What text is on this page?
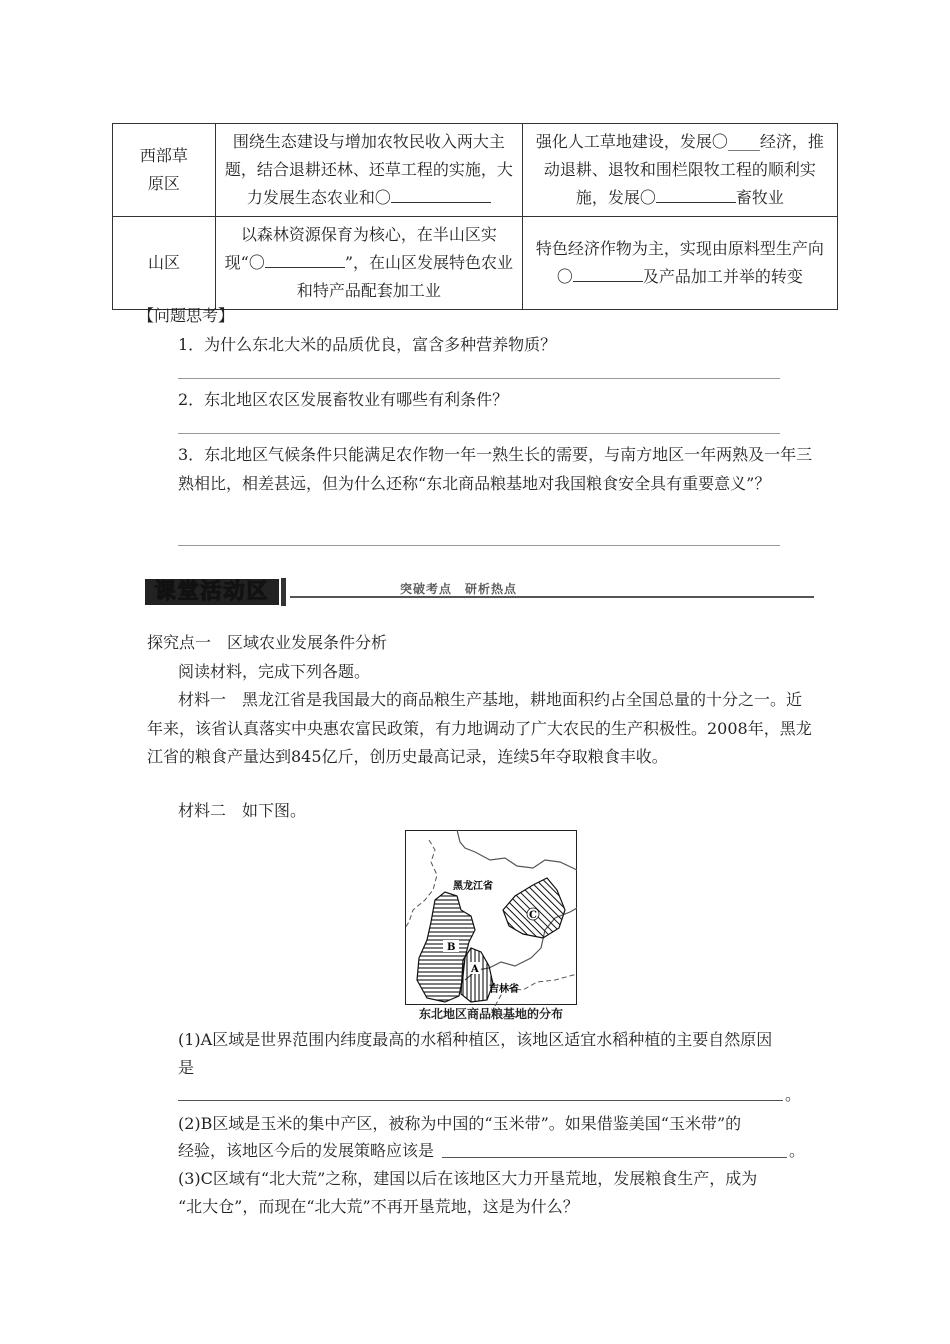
西部草原区	围绕生态建设与增加农牧民收入两大主题，结合退耕还林、还草工程的实施，大力发展生态农业和〇	强化人工草地建设，发展〇____经济，推动退耕、退牧和围栏限牧工程的顺利实施，发展〇 畜牧业
山区	以森林资源保育为核心，在半山区实现“〇 ”，在山区发展特色农业和特产品配套加工业	特色经济作物为主，实现由原料型生产向〇 及产品加工并举的转变
【问题思考】
1．为什么东北大米的品质优良，富含多种营养物质？
2．东北地区农区发展畜牧业有哪些有利条件？
3．东北地区气候条件只能满足农作物一年一熟生长的需要，与南方地区一年两熟及一年三熟相比，相差甚远，但为什么还称“东北商品粮基地对我国粮食安全具有重要意义”？
课堂活动区	突破考点　研析热点
探究点一　区域农业发展条件分析
阅读材料，完成下列各题。
材料一　黑龙江省是我国最大的商品粮生产基地，耕地面积约占全国总量的十分之一。近年来，该省认真落实中央惠农富民政策，有力地调动了广大农民的生产积极性。2008年，黑龙江省的粮食产量达到845亿斤，创历史最高记录，连续5年夺取粮食丰收。
材料二　如下图。
黑龙江省
吉林省
C
B
A
东北地区商品粮基地的分布
(1)A区域是世界范围内纬度最高的水稻种植区，该地区适宜水稻种植的主要自然原因
是
。
(2)B区域是玉米的集中产区，被称为中国的“玉米带”。如果借鉴美国“玉米带”的
经验，该地区今后的发展策略应该是	。
(3)C区域有“北大荒”之称，建国以后在该地区大力开垦荒地，发展粮食生产，成为
“北大仓”，而现在“北大荒”不再开垦荒地，这是为什么？
